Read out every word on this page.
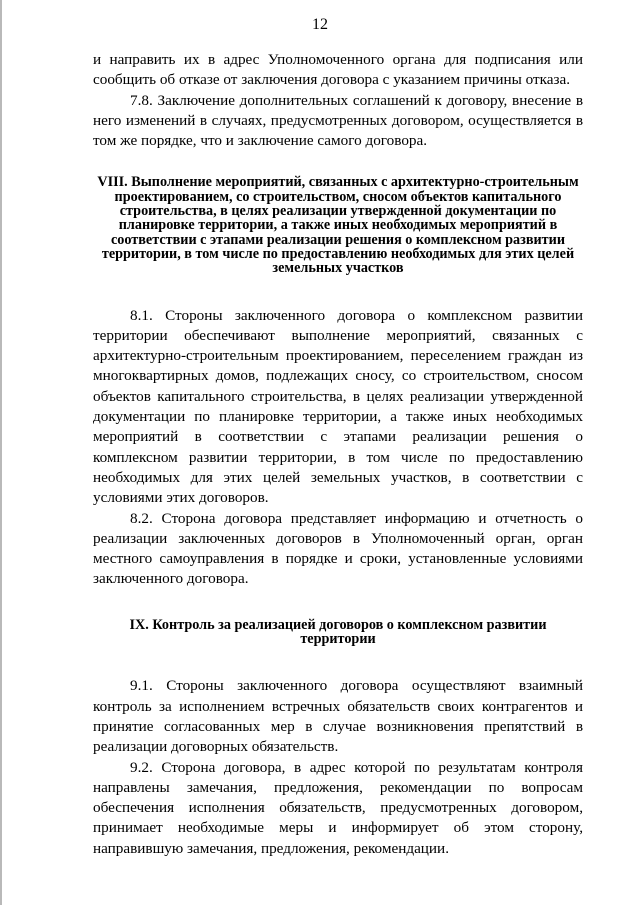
12

и направить их в адрес Уполномоченного органа для подписания или сообщить об отказе от заключения договора с указанием причины отказа.

7.8. Заключение дополнительных соглашений к договору, внесение в него изменений в случаях, предусмотренных договором, осуществляется в том же порядке, что и заключение самого договора.

VIII. Выполнение мероприятий, связанных с архитектурно-строительным проектированием, со строительством, сносом объектов капитального строительства, в целях реализации утвержденной документации по планировке территории, а также иных необходимых мероприятий в соответствии с этапами реализации решения о комплексном развитии территории, в том числе по предоставлению необходимых для этих целей земельных участков

8.1. Стороны заключенного договора о комплексном развитии территории обеспечивают выполнение мероприятий, связанных с архитектурно-строительным проектированием, переселением граждан из многоквартирных домов, подлежащих сносу, со строительством, сносом объектов капитального строительства, в целях реализации утвержденной документации по планировке территории, а также иных необходимых мероприятий в соответствии с этапами реализации решения о комплексном развитии территории, в том числе по предоставлению необходимых для этих целей земельных участков, в соответствии с условиями этих договоров.

8.2. Сторона договора представляет информацию и отчетность о реализации заключенных договоров в Уполномоченный орган, орган местного самоуправления в порядке и сроки, установленные условиями заключенного договора.

IX. Контроль за реализацией договоров о комплексном развитии территории

9.1. Стороны заключенного договора осуществляют взаимный контроль за исполнением встречных обязательств своих контрагентов и принятие согласованных мер в случае возникновения препятствий в реализации договорных обязательств.

9.2. Сторона договора, в адрес которой по результатам контроля направлены замечания, предложения, рекомендации по вопросам обеспечения исполнения обязательств, предусмотренных договором, принимает необходимые меры и информирует об этом сторону, направившую замечания, предложения, рекомендации.
